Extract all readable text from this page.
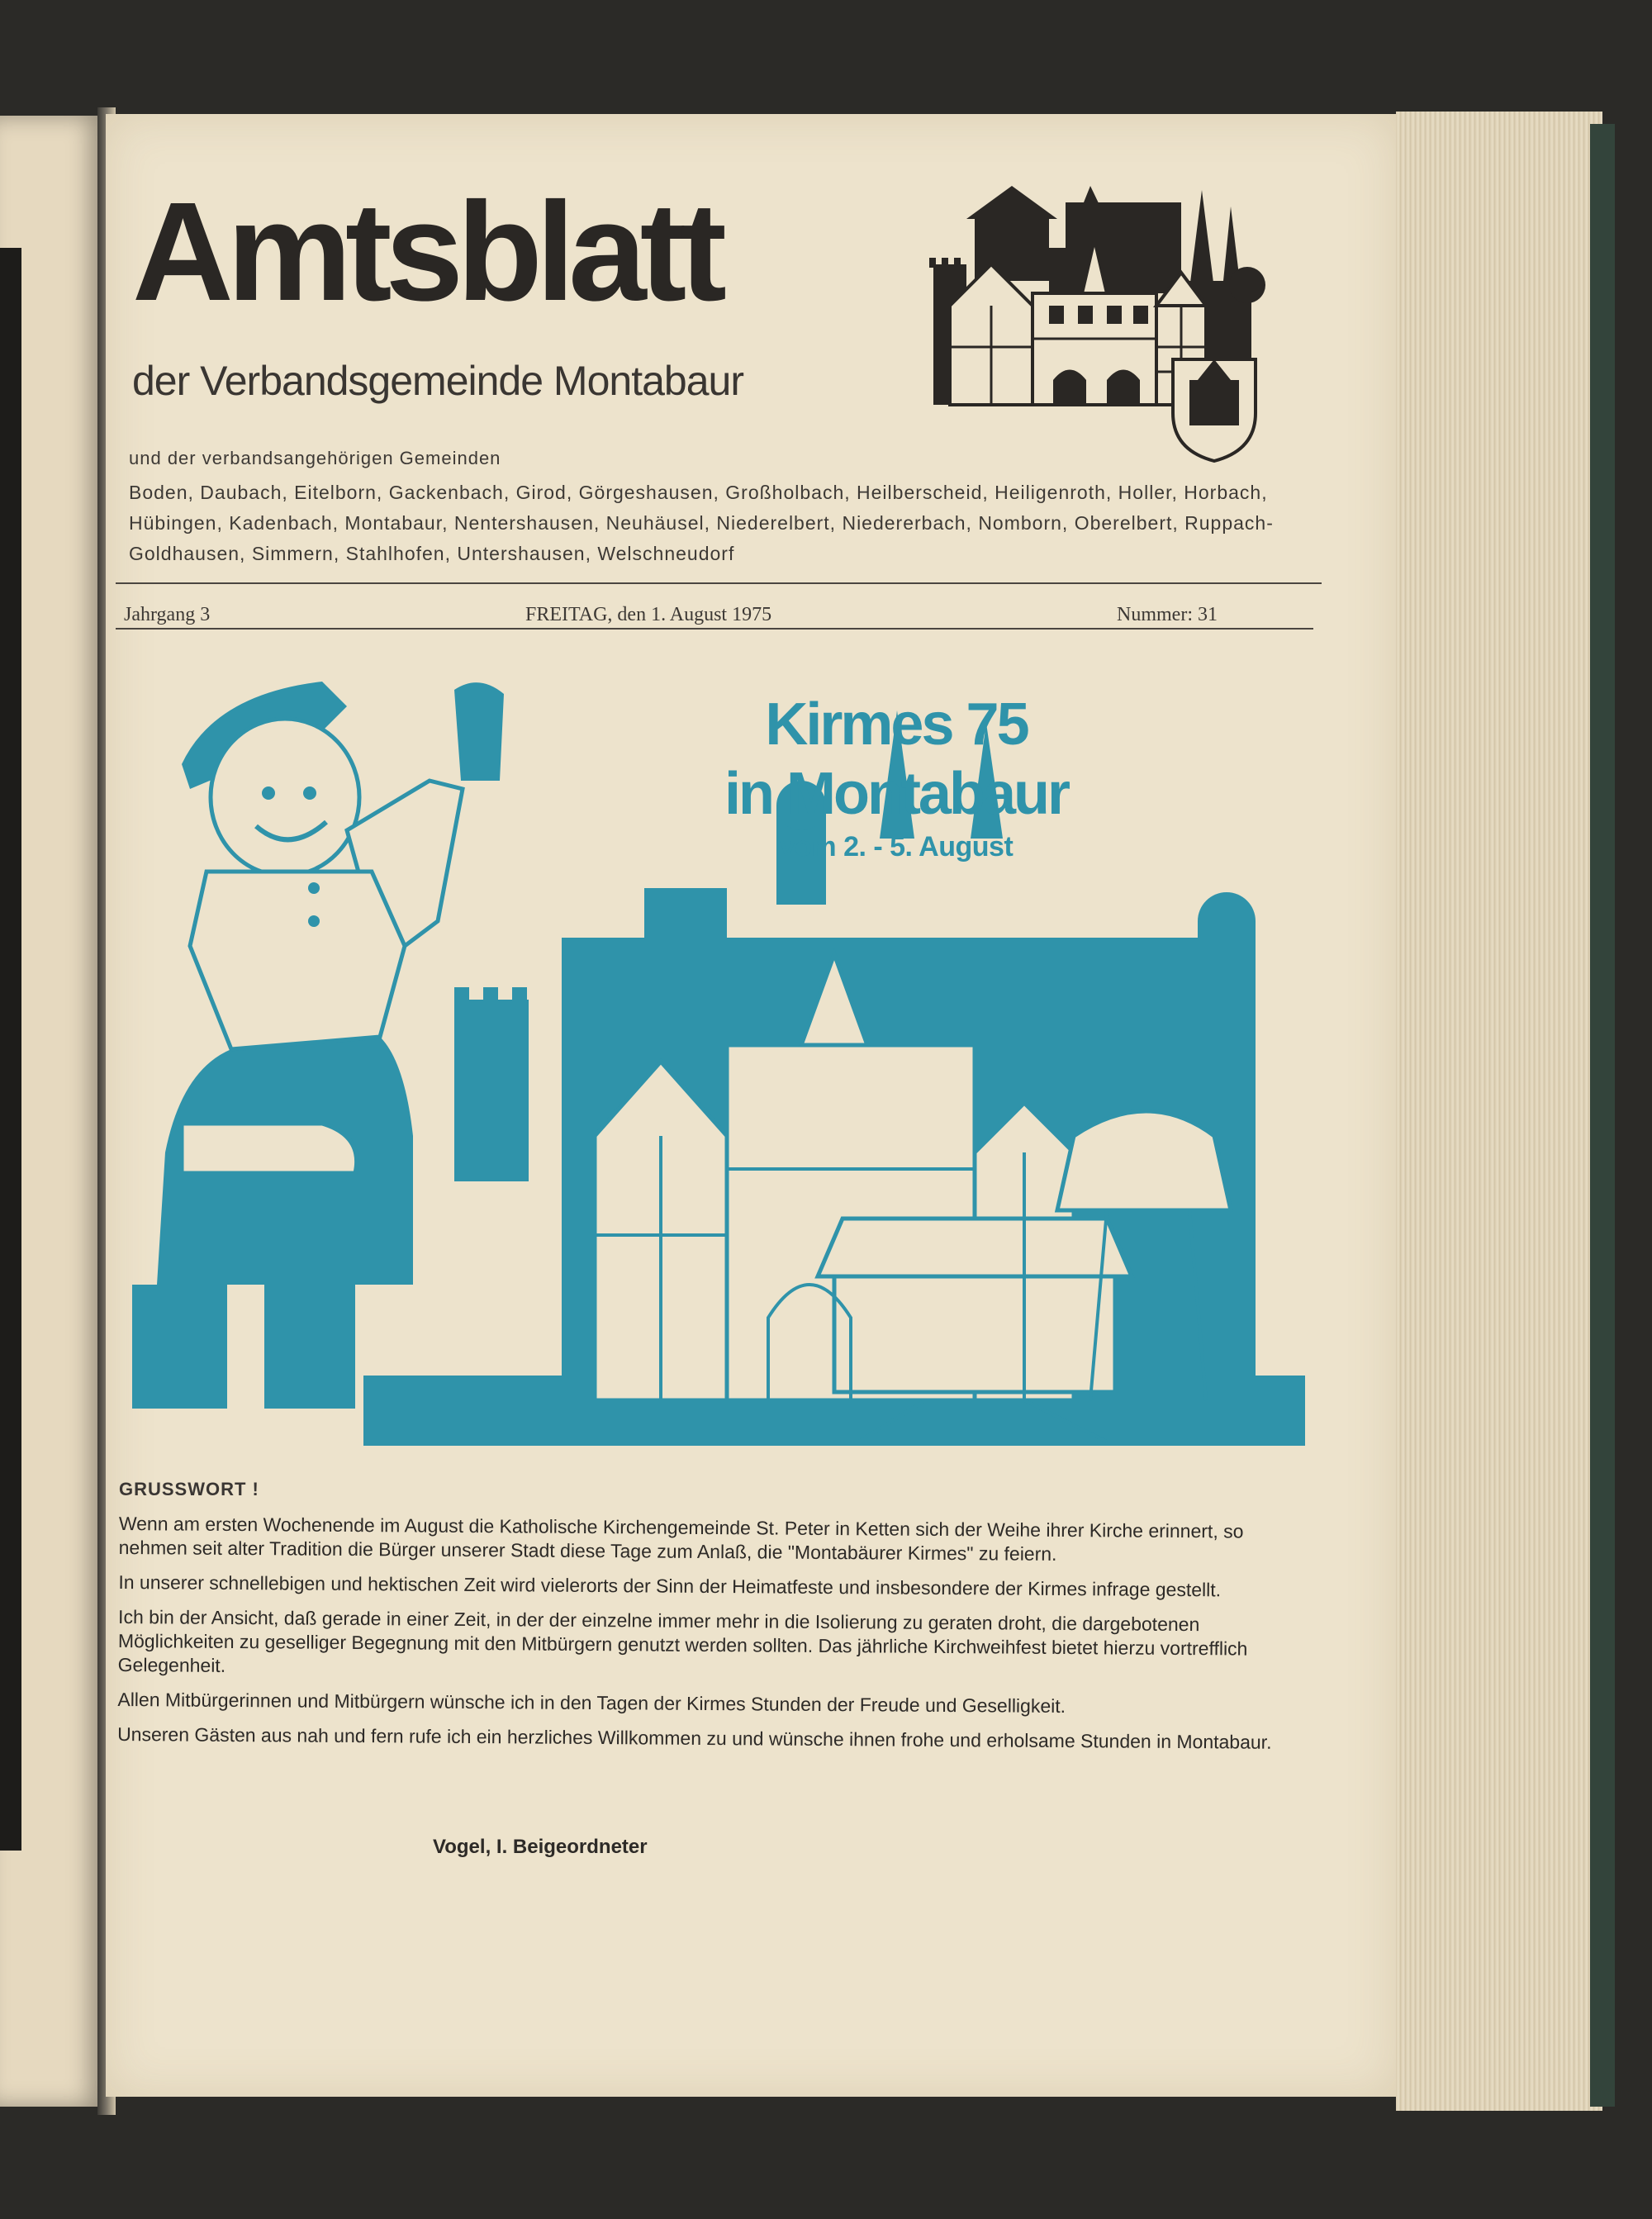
Amtsblatt
der Verbandsgemeinde Montabaur
und der verbandsangehörigen Gemeinden
Boden, Daubach, Eitelborn, Gackenbach, Girod, Görgeshausen, Großholbach, Heilberscheid, Heiligenroth, Holler, Horbach, Hübingen, Kadenbach, Montabaur, Nentershausen, Neuhäusel, Niederelbert, Niedererbach, Nomborn, Oberelbert, Ruppach-Goldhausen, Simmern, Stahlhofen, Untershausen, Welschneudorf
Jahrgang 3	FREITAG, den 1. August 1975	Nummer: 31
Kirmes 75
in Montabaur
vom 2. - 5. August
GRUSSWORT !

Wenn am ersten Wochenende im August die Katholische Kirchengemeinde St. Peter in Ketten sich der Weihe ihrer Kirche erinnert, so nehmen seit alter Tradition die Bürger unserer Stadt diese Tage zum Anlaß, die "Montabäurer Kirmes" zu feiern.

In unserer schnellebigen und hektischen Zeit wird vielerorts der Sinn der Heimatfeste und insbesondere der Kirmes infrage gestellt.

Ich bin der Ansicht, daß gerade in einer Zeit, in der der einzelne immer mehr in die Isolierung zu geraten droht, die dargebotenen Möglichkeiten zu geselliger Begegnung mit den Mitbürgern genutzt werden sollten. Das jährliche Kirchweihfest bietet hierzu vortrefflich Gelegenheit.

Allen Mitbürgerinnen und Mitbürgern wünsche ich in den Tagen der Kirmes Stunden der Freude und Geselligkeit.

Unseren Gästen aus nah und fern rufe ich ein herzliches Willkommen zu und wünsche ihnen frohe und erholsame Stunden in Montabaur.

Vogel, I. Beigeordneter
